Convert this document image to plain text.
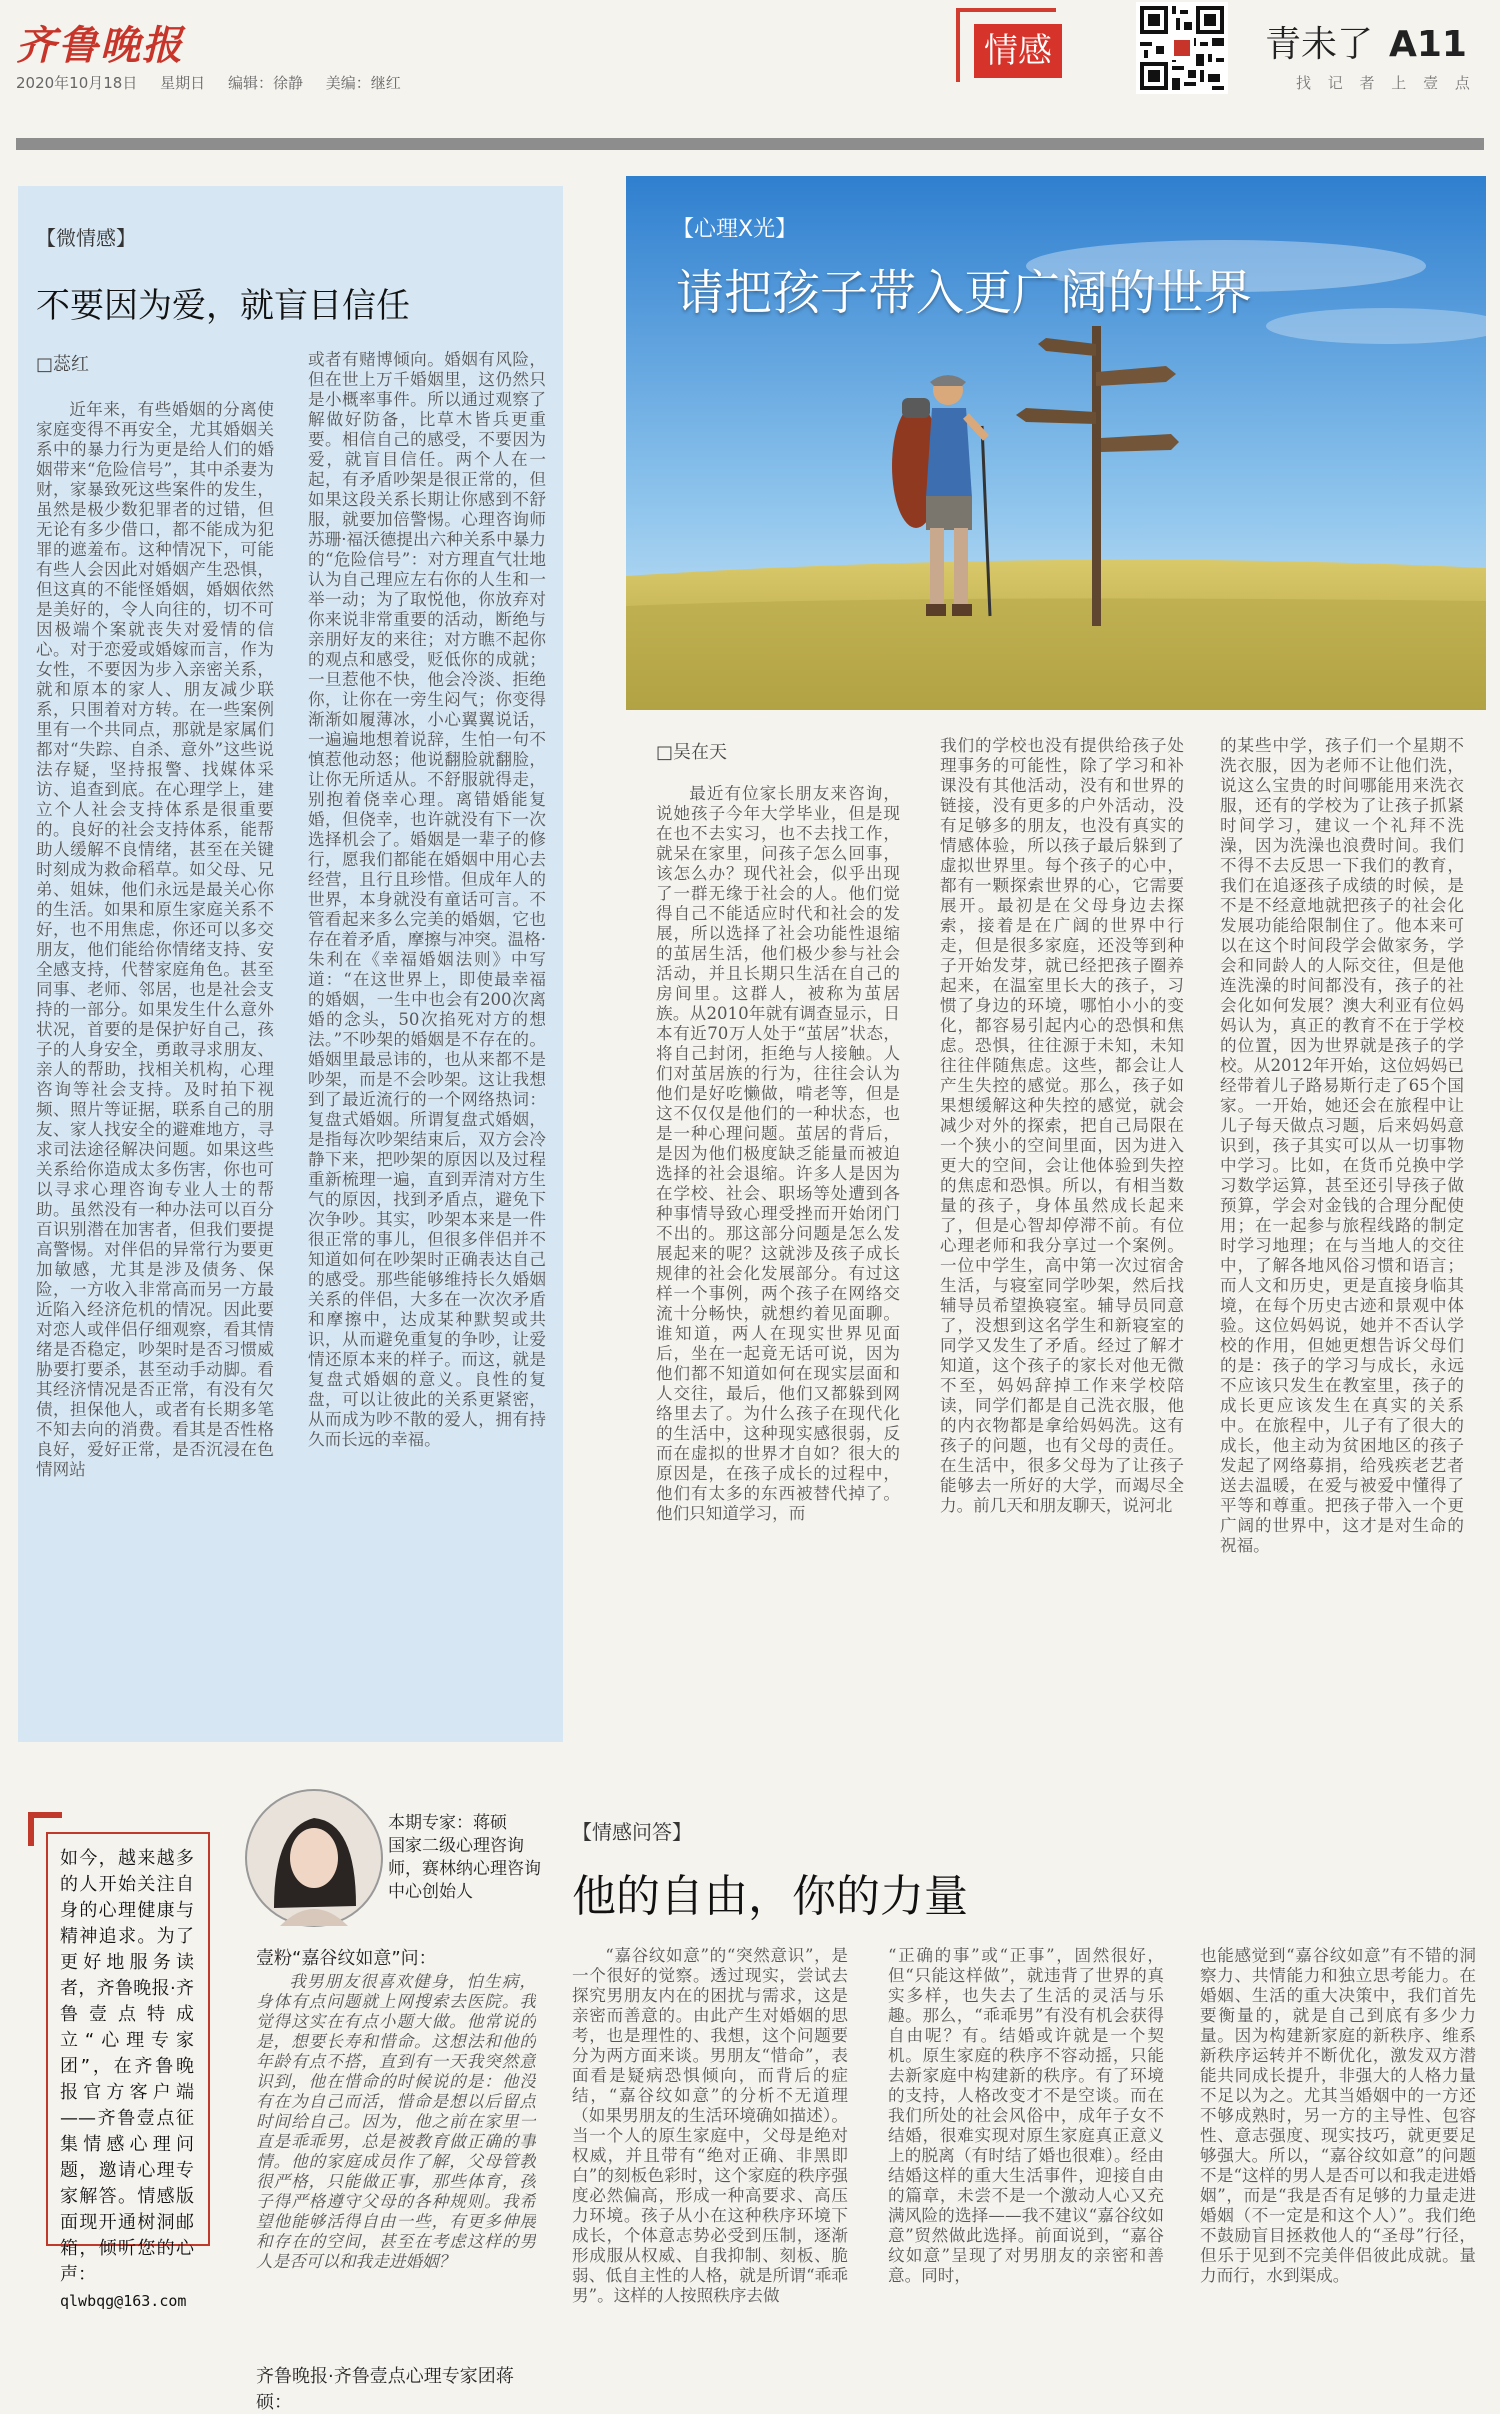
齐鲁晚报
2020年10月18日 星期日 编辑：徐静 美编：继红
情感	青未了 A11
找 记 者 上 壹 点
【微情感】
不要因为爱，就盲目信任
□蕊红
近年来，有些婚姻的分离使家庭变得不再安全，尤其婚姻关系中的暴力行为更是给人们的婚姻带来“危险信号”，其中杀妻为财，家暴致死这些案件的发生，虽然是极少数犯罪者的过错，但无论有多少借口，都不能成为犯罪的遮羞布。这种情况下，可能有些人会因此对婚姻产生恐惧，但这真的不能怪婚姻，婚姻依然是美好的，令人向往的，切不可因极端个案就丧失对爱情的信心。对于恋爱或婚嫁而言，作为女性，不要因为步入亲密关系，就和原本的家人、朋友减少联系，只围着对方转。在一些案例里有一个共同点，那就是家属们都对“失踪、自杀、意外”这些说法存疑，坚持报警、找媒体采访、追查到底。在心理学上，建立个人社会支持体系是很重要的。良好的社会支持体系，能帮助人缓解不良情绪，甚至在关键时刻成为救命稻草。如父母、兄弟、姐妹，他们永远是最关心你的生活。如果和原生家庭关系不好，也不用焦虑，你还可以多交朋友，他们能给你情绪支持、安全感支持，代替家庭角色。甚至同事、老师、邻居，也是社会支持的一部分。如果发生什么意外状况，首要的是保护好自己，孩子的人身安全，勇敢寻求朋友、亲人的帮助，找相关机构，心理咨询等社会支持。及时拍下视频、照片等证据，联系自己的朋友、家人找安全的避难地方，寻求司法途径解决问题。如果这些关系给你造成太多伤害，你也可以寻求心理咨询专业人士的帮助。虽然没有一种办法可以百分百识别潜在加害者，但我们要提高警惕。对伴侣的异常行为要更加敏感，尤其是涉及债务、保险，一方收入非常高而另一方最近陷入经济危机的情况。因此要对恋人或伴侣仔细观察，看其情绪是否稳定，吵架时是否习惯威胁要打要杀，甚至动手动脚。看其经济情况是否正常，有没有欠债，担保他人，或者有长期多笔不知去向的消费。看其是否性格良好，爱好正常，是否沉浸在色情网站
或者有赌博倾向。婚姻有风险，但在世上万千婚姻里，这仍然只是小概率事件。所以通过观察了解做好防备，比草木皆兵更重要。相信自己的感受，不要因为爱，就盲目信任。两个人在一起，有矛盾吵架是很正常的，但如果这段关系长期让你感到不舒服，就要加倍警惕。心理咨询师苏珊·福沃德提出六种关系中暴力的“危险信号”：对方理直气壮地认为自己理应左右你的人生和一举一动；为了取悦他，你放弃对你来说非常重要的活动，断绝与亲朋好友的来往；对方瞧不起你的观点和感受，贬低你的成就；一旦惹他不快，他会冷淡、拒绝你，让你在一旁生闷气；你变得渐渐如履薄冰，小心翼翼说话，一遍遍地想着说辞，生怕一句不慎惹他动怒；他说翻脸就翻脸，让你无所适从。不舒服就得走，别抱着侥幸心理。离错婚能复婚，但侥幸，也许就没有下一次选择机会了。婚姻是一辈子的修行，愿我们都能在婚姻中用心去经营，且行且珍惜。但成年人的世界，本身就没有童话可言。不管看起来多么完美的婚姻，它也存在着矛盾，摩擦与冲突。温格·朱利在《幸福婚姻法则》中写道：“在这世界上，即使最幸福的婚姻，一生中也会有200次离婚的念头，50次掐死对方的想法。”不吵架的婚姻是不存在的。婚姻里最忌讳的，也从来都不是吵架，而是不会吵架。这让我想到了最近流行的一个网络热词：复盘式婚姻。所谓复盘式婚姻，是指每次吵架结束后，双方会冷静下来，把吵架的原因以及过程重新梳理一遍，直到弄清对方生气的原因，找到矛盾点，避免下次争吵。其实，吵架本来是一件很正常的事儿，但很多伴侣并不知道如何在吵架时正确表达自己的感受。那些能够维持长久婚姻关系的伴侣，大多在一次次矛盾和摩擦中，达成某种默契或共识，从而避免重复的争吵，让爱情还原本来的样子。而这，就是复盘式婚姻的意义。良性的复盘，可以让彼此的关系更紧密，从而成为吵不散的爱人，拥有持久而长远的幸福。
【心理X光】
请把孩子带入更广阔的世界
□吴在天
最近有位家长朋友来咨询，说她孩子今年大学毕业，但是现在也不去实习，也不去找工作，就呆在家里，问孩子怎么回事，该怎么办？现代社会，似乎出现了一群无缘于社会的人。他们觉得自己不能适应时代和社会的发展，所以选择了社会功能性退缩的茧居生活，他们极少参与社会活动，并且长期只生活在自己的房间里。这群人，被称为茧居族。从2010年就有调查显示，日本有近70万人处于“茧居”状态，将自己封闭，拒绝与人接触。人们对茧居族的行为，往往会认为他们是好吃懒做，啃老等，但是这不仅仅是他们的一种状态，也是一种心理问题。茧居的背后，是因为他们极度缺乏能量而被迫选择的社会退缩。许多人是因为在学校、社会、职场等处遭到各种事情导致心理受挫而开始闭门不出的。那这部分问题是怎么发展起来的呢？这就涉及孩子成长规律的社会化发展部分。有过这样一个事例，两个孩子在网络交流十分畅快，就想约着见面聊。谁知道，两人在现实世界见面后，坐在一起竟无话可说，因为他们都不知道如何在现实层面和人交往，最后，他们又都躲到网络里去了。为什么孩子在现代化的生活中，这种现实感很弱，反而在虚拟的世界才自如？很大的原因是，在孩子成长的过程中，他们有太多的东西被替代掉了。他们只知道学习，而
我们的学校也没有提供给孩子处理事务的可能性，除了学习和补课没有其他活动，没有和世界的链接，没有更多的户外活动，没有足够多的朋友，也没有真实的情感体验，所以孩子最后躲到了虚拟世界里。每个孩子的心中，都有一颗探索世界的心，它需要展开。最初是在父母身边去探索，接着是在广阔的世界中行走，但是很多家庭，还没等到种子开始发芽，就已经把孩子圈养起来，在温室里长大的孩子，习惯了身边的环境，哪怕小小的变化，都容易引起内心的恐惧和焦虑。恐惧，往往源于未知，未知往往伴随焦虑。这些，都会让人产生失控的感觉。那么，孩子如果想缓解这种失控的感觉，就会减少对外的探索，把自己局限在一个狭小的空间里面，因为进入更大的空间，会让他体验到失控的焦虑和恐惧。所以，有相当数量的孩子，身体虽然成长起来了，但是心智却停滞不前。有位心理老师和我分享过一个案例。一位中学生，高中第一次过宿舍生活，与寝室同学吵架，然后找辅导员希望换寝室。辅导员同意了，没想到这名学生和新寝室的同学又发生了矛盾。经过了解才知道，这个孩子的家长对他无微不至，妈妈辞掉工作来学校陪读，同学们都是自己洗衣服，他的内衣物都是拿给妈妈洗。这有孩子的问题，也有父母的责任。在生活中，很多父母为了让孩子能够去一所好的大学，而竭尽全力。前几天和朋友聊天，说河北
的某些中学，孩子们一个星期不洗衣服，因为老师不让他们洗，说这么宝贵的时间哪能用来洗衣服，还有的学校为了让孩子抓紧时间学习，建议一个礼拜不洗澡，因为洗澡也浪费时间。我们不得不去反思一下我们的教育，我们在追逐孩子成绩的时候，是不是不经意地就把孩子的社会化发展功能给限制住了。他本来可以在这个时间段学会做家务，学会和同龄人的人际交往，但是他连洗澡的时间都没有，孩子的社会化如何发展？澳大利亚有位妈妈认为，真正的教育不在于学校的位置，因为世界就是孩子的学校。从2012年开始，这位妈妈已经带着儿子路易斯行走了65个国家。一开始，她还会在旅程中让儿子每天做点习题，后来妈妈意识到，孩子其实可以从一切事物中学习。比如，在货币兑换中学习数学运算，甚至还引导孩子做预算，学会对金钱的合理分配使用；在一起参与旅程线路的制定时学习地理；在与当地人的交往中，了解各地风俗习惯和语言；而人文和历史，更是直接身临其境，在每个历史古迹和景观中体验。这位妈妈说，她并不否认学校的作用，但她更想告诉父母们的是：孩子的学习与成长，永远不应该只发生在教室里，孩子的成长更应该发生在真实的关系中。在旅程中，儿子有了很大的成长，他主动为贫困地区的孩子发起了网络募捐，给残疾老艺者送去温暖，在爱与被爱中懂得了平等和尊重。把孩子带入一个更广阔的世界中，这才是对生命的祝福。
本期专家：蒋硕
国家二级心理咨询师，赛林纳心理咨询中心创始人
如今，越来越多的人开始关注自身的心理健康与精神追求。为了更好地服务读者，齐鲁晚报·齐鲁壹点特成立“心理专家团”，在齐鲁晚报官方客户端——齐鲁壹点征集情感心理问题，邀请心理专家解答。情感版面现开通树洞邮箱，倾听您的心声：
qlwbqg@163.com
【情感问答】
他的自由，你的力量
壹粉“嘉谷纹如意”问：
我男朋友很喜欢健身，怕生病，身体有点问题就上网搜索去医院。我觉得这实在有点小题大做。他常说的是，想要长寿和惜命。这想法和他的年龄有点不搭，直到有一天我突然意识到，他在惜命的时候说的是：他没有在为自己而活，惜命是想以后留点时间给自己。因为，他之前在家里一直是乖乖男，总是被教育做正确的事情。他的家庭成员作了解，父母管教很严格，只能做正事，那些体育，孩子得严格遵守父母的各种规则。我希望他能够活得自由一些，有更多伸展和存在的空间，甚至在考虑这样的男人是否可以和我走进婚姻？
齐鲁晚报·齐鲁壹点心理专家团蒋硕：
“嘉谷纹如意”的“突然意识”，是一个很好的觉察。透过现实，尝试去探究男朋友内在的困扰与需求，这是亲密而善意的。由此产生对婚姻的思考，也是理性的、我想，这个问题要分为两方面来谈。男朋友“惜命”，表面看是疑病恐惧倾向，而背后的症结，“嘉谷纹如意”的分析不无道理（如果男朋友的生活环境确如描述）。当一个人的原生家庭中，父母是绝对权威，并且带有“绝对正确、非黑即白”的刻板色彩时，这个家庭的秩序强度必然偏高，形成一种高要求、高压力环境。孩子从小在这种秩序环境下成长，个体意志势必受到压制，逐渐形成服从权威、自我抑制、刻板、脆弱、低自主性的人格，就是所谓“乖乖男”。这样的人按照秩序去做
“正确的事”或“正事”，固然很好，但“只能这样做”，就违背了世界的真实多样，也失去了生活的灵活与乐趣。那么，“乖乖男”有没有机会获得自由呢？有。结婚或许就是一个契机。原生家庭的秩序不容动摇，只能去新家庭中构建新的秩序。有了环境的支持，人格改变才不是空谈。而在我们所处的社会风俗中，成年子女不结婚，很难实现对原生家庭真正意义上的脱离（有时结了婚也很难）。经由结婚这样的重大生活事件，迎接自由的篇章，未尝不是一个激动人心又充满风险的选择——我不建议“嘉谷纹如意”贸然做此选择。前面说到，“嘉谷纹如意”呈现了对男朋友的亲密和善意。同时，
也能感觉到“嘉谷纹如意”有不错的洞察力、共情能力和独立思考能力。在婚姻、生活的重大决策中，我们首先要衡量的，就是自己到底有多少力量。因为构建新家庭的新秩序、维系新秩序运转并不断优化，激发双方潜能共同成长提升，非强大的人格力量不足以为之。尤其当婚姻中的一方还不够成熟时，另一方的主导性、包容性、意志强度、现实技巧，就更要足够强大。所以，“嘉谷纹如意”的问题不是“这样的男人是否可以和我走进婚姻”，而是“我是否有足够的力量走进婚姻（不一定是和这个人）”。我们绝不鼓励盲目拯救他人的“圣母”行径，但乐于见到不完美伴侣彼此成就。量力而行，水到渠成。
